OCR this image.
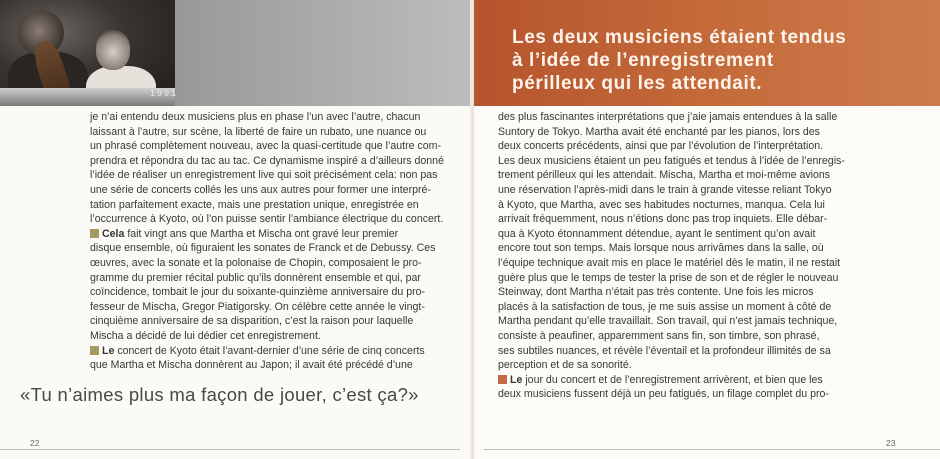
1991

je n’ai entendu deux musiciens plus en phase l’un avec l’autre, chacun

laissant à l’autre, sur scène, la liberté de faire un rubato, une nuance ou

un phrasé complètement nouveau, avec la quasi-certitude que l’autre com-

prendra et répondra du tac au tac. Ce dynamisme inspiré a d’ailleurs donné

l’idée de réaliser un enregistrement live qui soit précisément cela: non pas

une série de concerts collés les uns aux autres pour former une interpré-

tation parfaitement exacte, mais une prestation unique, enregistrée en

l’occurrence à Kyoto, où l’on puisse sentir l’ambiance électrique du concert.

Cela fait vingt ans que Martha et Mischa ont gravé leur premier

disque ensemble, où figuraient les sonates de Franck et de Debussy. Ces

œuvres, avec la sonate et la polonaise de Chopin, composaient le pro-

gramme du premier récital public qu’ils donnèrent ensemble et qui, par

coïncidence, tombait le jour du soixante-quinzième anniversaire du pro-

fesseur de Mischa, Gregor Piatigorsky. On célèbre cette année le vingt-

cinquième anniversaire de sa disparition, c’est la raison pour laquelle

Mischa a décidé de lui dédier cet enregistrement.

Le concert de Kyoto était l’avant-dernier d’une série de cinq concerts

que Martha et Mischa donnèrent au Japon; il avait été précédé d’une

«Tu n’aimes plus ma façon de jouer, c’est ça?»
22
Les deux musiciens étaient tendus
à l’idée de l’enregistrement
périlleux qui les attendait.

des plus fascinantes interprétations que j’aie jamais entendues à la salle

Suntory de Tokyo. Martha avait été enchanté par les pianos, lors des

deux concerts précédents, ainsi que par l’évolution de l’interprétation.

Les deux musiciens étaient un peu fatigués et tendus à l’idée de l’enregis-

trement périlleux qui les attendait. Mischa, Martha et moi-même avions

une réservation l’après-midi dans le train à grande vitesse reliant Tokyo

à Kyoto, que Martha, avec ses habitudes nocturnes, manqua. Cela lui

arrivait fréquemment, nous n’étions donc pas trop inquiets. Elle débar-

qua à Kyoto étonnamment détendue, ayant le sentiment qu’on avait

encore tout son temps. Mais lorsque nous arrivâmes dans la salle, où

l’équipe technique avait mis en place le matériel dès le matin, il ne restait

guère plus que le temps de tester la prise de son et de régler le nouveau

Steinway, dont Martha n’était pas très contente. Une fois les micros

placés à la satisfaction de tous, je me suis assise un moment à côté de

Martha pendant qu’elle travaillait. Son travail, qui n’est jamais technique,

consiste à peaufiner, apparemment sans fin, son timbre, son phrasé,

ses subtiles nuances, et révèle l’éventail et la profondeur illimités de sa

perception et de sa sonorité.

Le jour du concert et de l’enregistrement arrivèrent, et bien que les

deux musiciens fussent déjà un peu fatigués, un filage complet du pro-

23
